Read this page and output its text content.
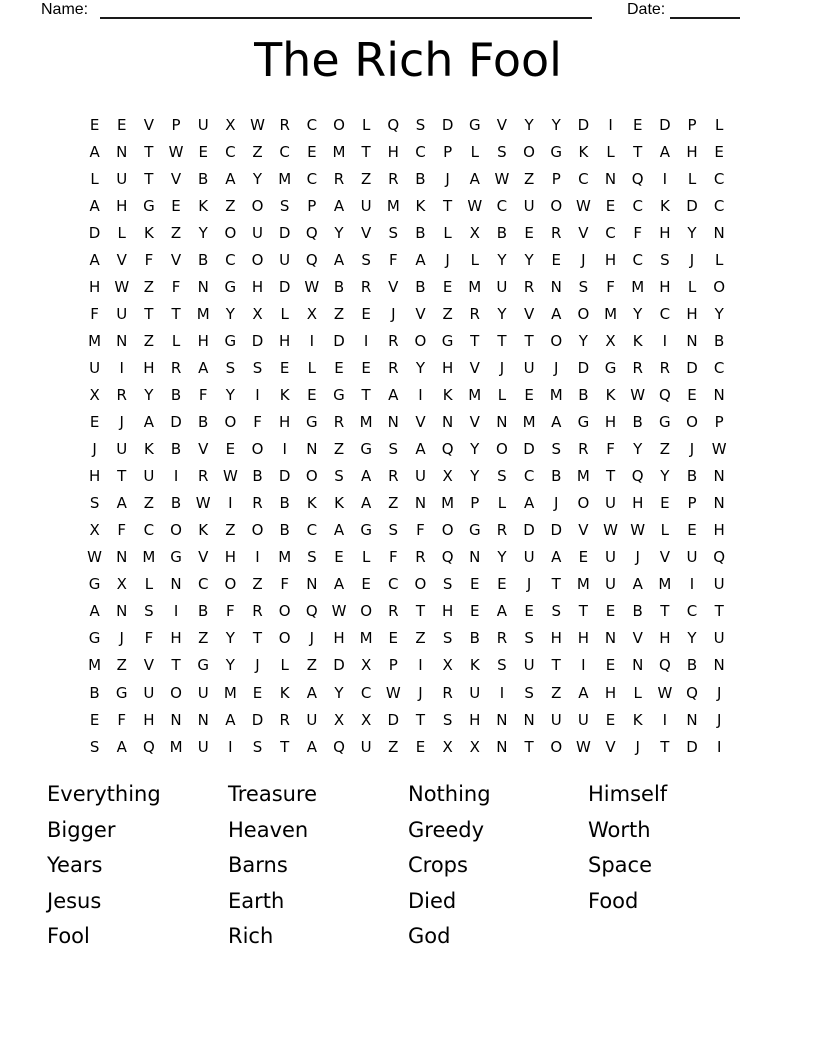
Name:	Date:
The Rich Fool
E	E	V	P	U	X W R	C	O	L	Q	S	D	G	V	Y	Y	D	I	E	D	P	L
A	N	T	W E	C	Z	C	E	M	T	H	C	P	L	S	O	G	K	L	T	A	H	E
L	U	T	V	B	A	Y	M	C	R	Z	R	B	J	A W Z	P	C	N	Q	I	L	C
A	H	G	E	K	Z	O	S	P	A	U	M	K	T	W C	U	O W E	C	K	D	C
D	L	K	Z	Y	O	U	D	Q	Y	V	S	B	L	X	B	E	R	V	C	F	H	Y	N
A	V	F	V	B	C	O	U	Q	A	S	F	A	J	L	Y	Y	E	J	H	C	S	J	L
H W Z	F	N	G	H	D W B	R	V	B	E	M	U	R	N	S	F	M	H	L	O
F	U	T	T	M	Y	X	L	X	Z	E	J	V	Z	R	Y	V	A	O M	Y	C	H	Y
M	N	Z	L	H	G	D	H	I	D	I	R	O	G	T	T	T	O	Y	X	K	I	N	B
U	I	H	R	A	S	S	E	L	E	E	R	Y	H	V	J	U	J	D	G	R	R	D	C
X	R	Y	B	F	Y	I	K	E	G	T	A	I	K	M	L	E	M	B	K W Q	E	N
E	J	A	D	B	O	F	H	G	R	M	N	V	N	V	N	M	A	G	H	B	G	O	P
J	U	K	B	V	E	O	I	N	Z	G	S	A	Q	Y	O	D	S	R	F	Y	Z	J	W
H	T	U	I	R W B	D	O	S	A	R	U	X	Y	S	C	B	M	T	Q	Y	B	N
S	A	Z	B W	I	R	B	K	K	A	Z	N	M	P	L	A	J	O	U	H	E	P	N
X	F	C	O	K	Z	O	B	C	A	G	S	F	O	G	R	D	D	V W W	L	E	H
W N	M G	V	H	I	M	S	E	L	F	R	Q	N	Y	U	A	E	U	J	V	U	Q
G	X	L	N	C	O	Z	F	N	A	E	C	O	S	E	E	J	T	M	U	A	M	I	U
A	N	S	I	B	F	R	O	Q W O	R	T	H	E	A	E	S	T	E	B	T	C	T
G	J	F	H	Z	Y	T	O	J	H	M	E	Z	S	B	R	S	H	H	N	V	H	Y	U
M	Z	V	T	G	Y	J	L	Z	D	X	P	I	X	K	S	U	T	I	E	N	Q	B	N
B	G	U	O	U	M	E	K	A	Y	C W	J	R	U	I	S	Z	A	H	L	W Q	J
E	F	H	N	N	A	D	R	U	X	X	D	T	S	H	N	N	U	U	E	K	I	N	J
S	A	Q M	U	I	S	T	A	Q	U	Z	E	X	X	N	T	O W V	J	T	D	I
Everything
Bigger
Years
Jesus
Fool
Treasure
Heaven
Barns
Earth
Rich
Nothing
Greedy
Crops
Died
God
Himself
Worth
Space
Food
